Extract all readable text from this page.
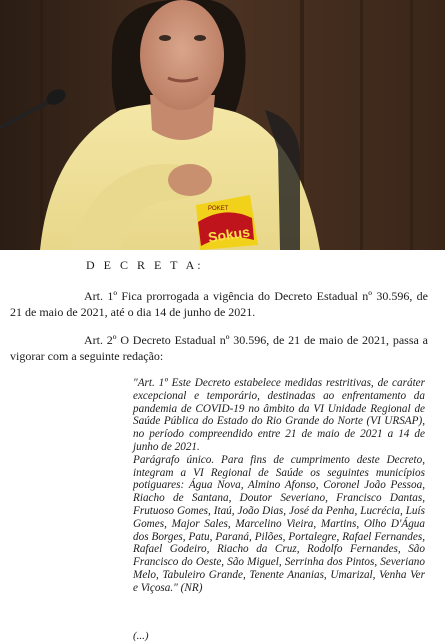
POKET
Sokus
D E C R E T A:
Art. 1º Fica prorrogada a vigência do Decreto Estadual nº 30.596, de 21 de maio de 2021, até o dia 14 de junho de 2021.
Art. 2º O Decreto Estadual nº 30.596, de 21 de maio de 2021, passa a vigorar com a seguinte redação:

"Art. 1º Este Decreto estabelece medidas restritivas, de caráter excepcional e temporário, destinadas ao enfrentamento da pandemia de COVID-19 no âmbito da VI Unidade Regional de Saúde Pública do Estado do Rio Grande do Norte (VI URSAP), no período compreendido entre 21 de maio de 2021 a 14 de junho de 2021.

Parágrafo único. Para fins de cumprimento deste Decreto, integram a VI Regional de Saúde os seguintes municípios potiguares: Água Nova, Almino Afonso, Coronel João Pessoa, Riacho de Santana, Doutor Severiano, Francisco Dantas, Frutuoso Gomes, Itaú, João Dias, José da Penha, Lucrécia, Luís Gomes, Major Sales, Marcelino Vieira, Martins, Olho D'Água dos Borges, Patu, Paraná, Pilões, Portalegre, Rafael Fernandes, Rafael Godeiro, Riacho da Cruz, Rodolfo Fernandes, São Francisco do Oeste, São Miguel, Serrinha dos Pintos, Severiano Melo, Tabuleiro Grande, Tenente Ananias, Umarizal, Venha Ver e Viçosa." (NR)

(...)
